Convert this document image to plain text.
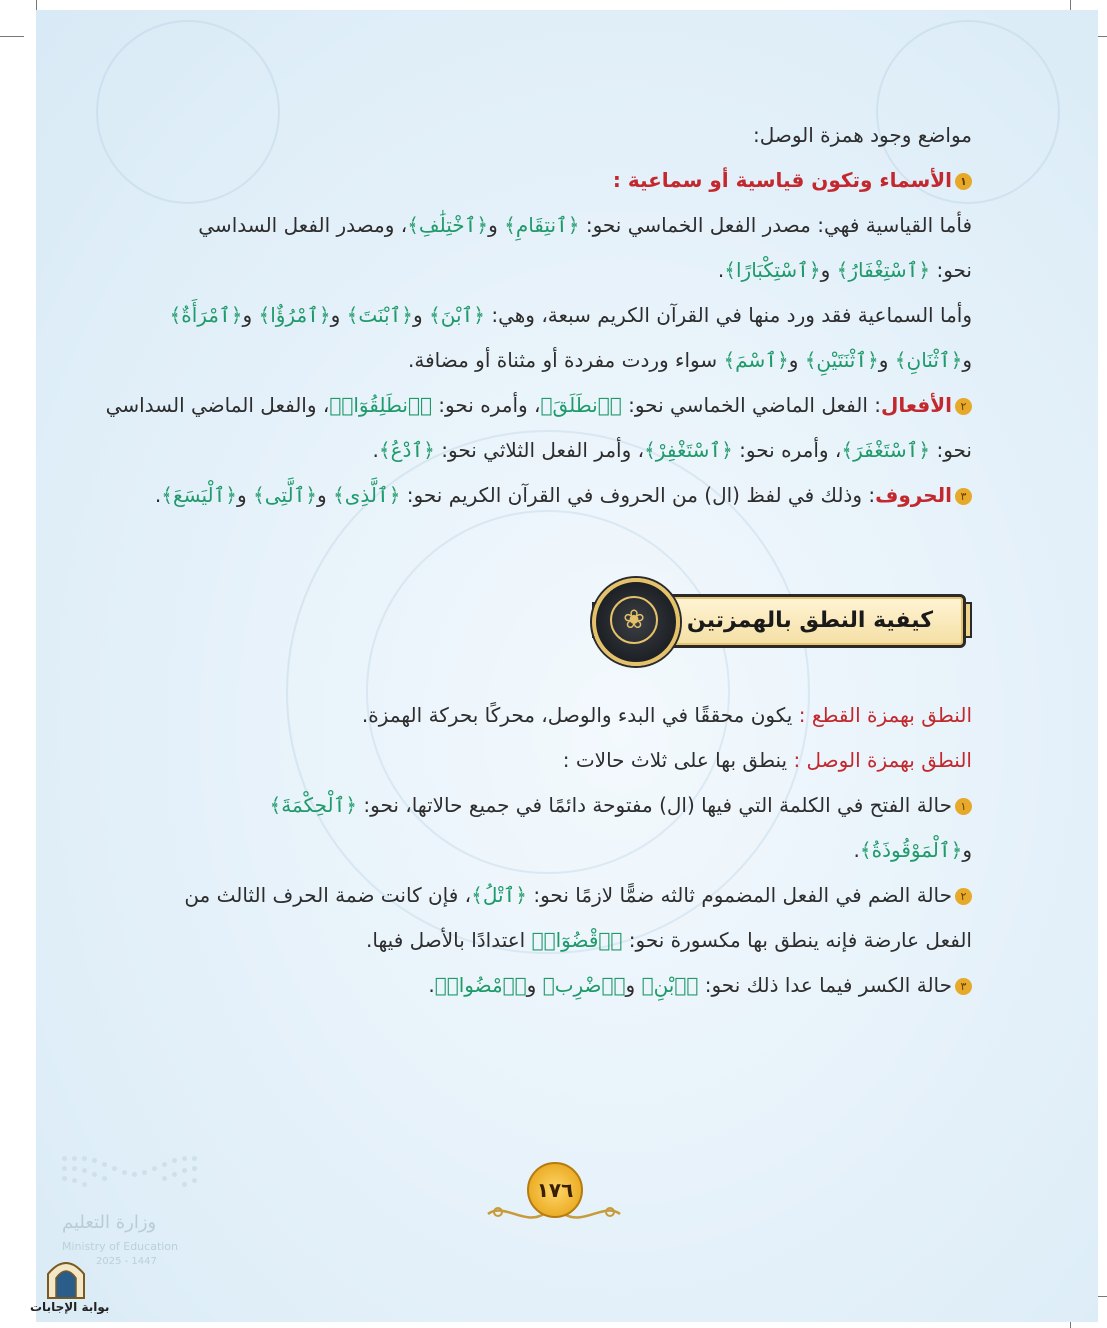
مواضع وجود همزة الوصل:
١الأسماء وتكون قياسية أو سماعية :
فأما القياسية فهي: مصدر الفعل الخماسي نحو: ﴿ٱنتِقَامِ﴾ و﴿ٱخْتِلَٰفِ﴾، ومصدر الفعل السداسي
نحو: ﴿ٱسْتِغْفَارُ﴾ و﴿ٱسْتِكْبَارًا﴾.
وأما السماعية فقد ورد منها في القرآن الكريم سبعة، وهي: ﴿ٱبْنَ﴾ و﴿ٱبْنَتَ﴾ و﴿ٱمْرُؤٌا﴾ و﴿ٱمْرَأَةٌ﴾
و﴿ٱثْنَانِ﴾ و﴿ٱثْنَتَيْنِ﴾ و﴿ٱسْمَ﴾ سواء وردت مفردة أو مثناة أو مضافة.
٢الأفعال: الفعل الماضي الخماسي نحو: ﴿ٱنطَلَقَ﴾، وأمره نحو: ﴿ٱنطَلِقُوٓا۟﴾، والفعل الماضي السداسي
نحو: ﴿ٱسْتَغْفَرَ﴾، وأمره نحو: ﴿ٱسْتَغْفِرْ﴾، وأمر الفعل الثلاثي نحو: ﴿ٱدْعُ﴾.
٣الحروف: وذلك في لفظ (ال) من الحروف في القرآن الكريم نحو: ﴿ٱلَّذِى﴾ و﴿ٱلَّتِى﴾ و﴿ٱلْيَسَعَ﴾.
النطق بهمزة القطع : يكون محققًا في البدء والوصل، محركًا بحركة الهمزة.
النطق بهمزة الوصل : ينطق بها على ثلاث حالات :
١حالة الفتح في الكلمة التي فيها (ال) مفتوحة دائمًا في جميع حالاتها، نحو: ﴿ٱلْحِكْمَةَ﴾
و﴿ٱلْمَوْقُوذَةُ﴾.
٢حالة الضم في الفعل المضموم ثالثه ضمًّا لازمًا نحو: ﴿ٱتْلُ﴾، فإن كانت ضمة الحرف الثالث من
الفعل عارضة فإنه ينطق بها مكسورة نحو: ﴿ٱقْضُوٓا۟﴾ اعتدادًا بالأصل فيها.
٣حالة الكسر فيما عدا ذلك نحو: ﴿ٱبْنِ﴾ و﴿ٱضْرِب﴾ و﴿ٱمْضُوا۟﴾.
كيفية النطق بالهمزتين
❀
١٧٦
وزارة التعليم
Ministry of Education
2025 - 1447
بوابة الإجابات
